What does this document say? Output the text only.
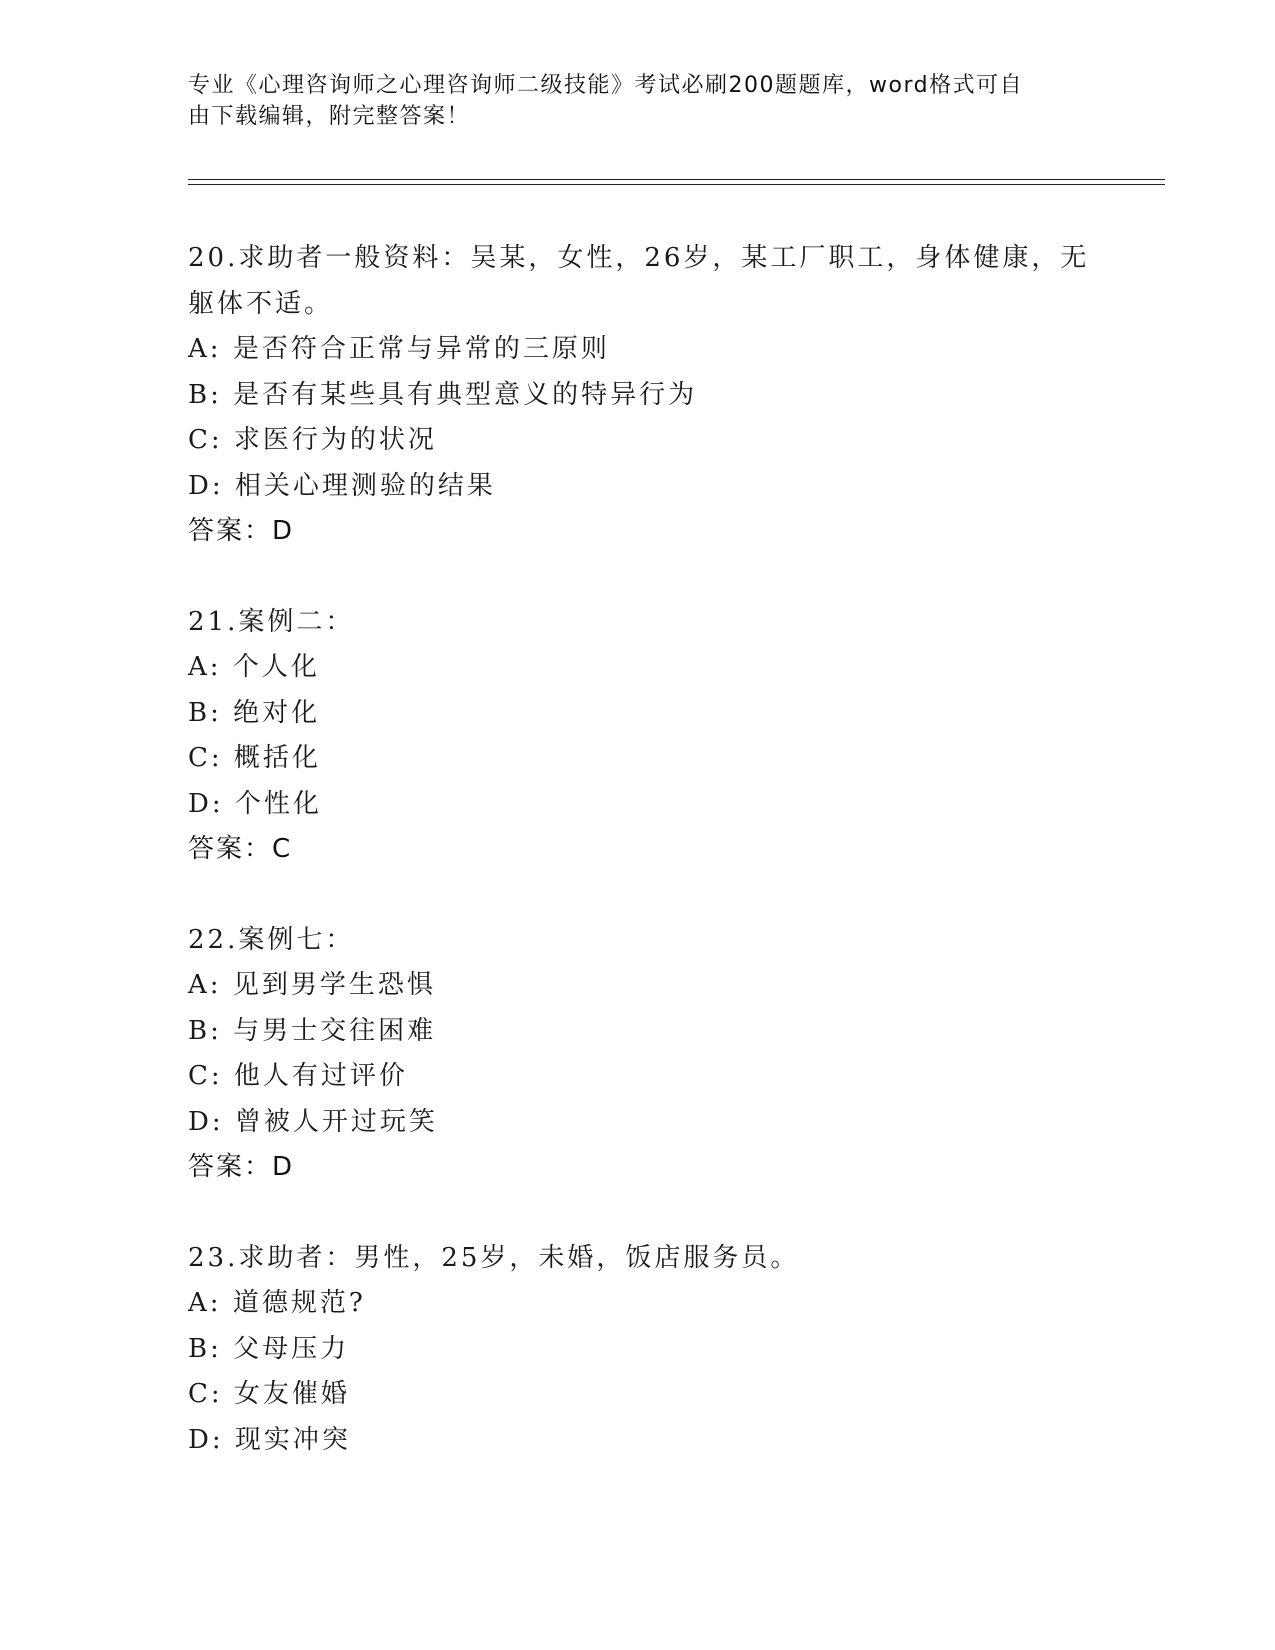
专业《心理咨询师之心理咨询师二级技能》考试必刷200题题库，word格式可自
由下载编辑，附完整答案！
20.求助者一般资料：吴某，女性，26岁，某工厂职工，身体健康，无
躯体不适。
A: 是否符合正常与异常的三原则
B: 是否有某些具有典型意义的特异行为
C: 求医行为的状况
D: 相关心理测验的结果
答案：D
21.案例二：
A: 个人化
B: 绝对化
C: 概括化
D: 个性化
答案：C
22.案例七：
A: 见到男学生恐惧
B: 与男士交往困难
C: 他人有过评价
D: 曾被人开过玩笑
答案：D
23.求助者：男性，25岁，未婚，饭店服务员。
A: 道德规范?
B: 父母压力
C: 女友催婚
D: 现实冲突
